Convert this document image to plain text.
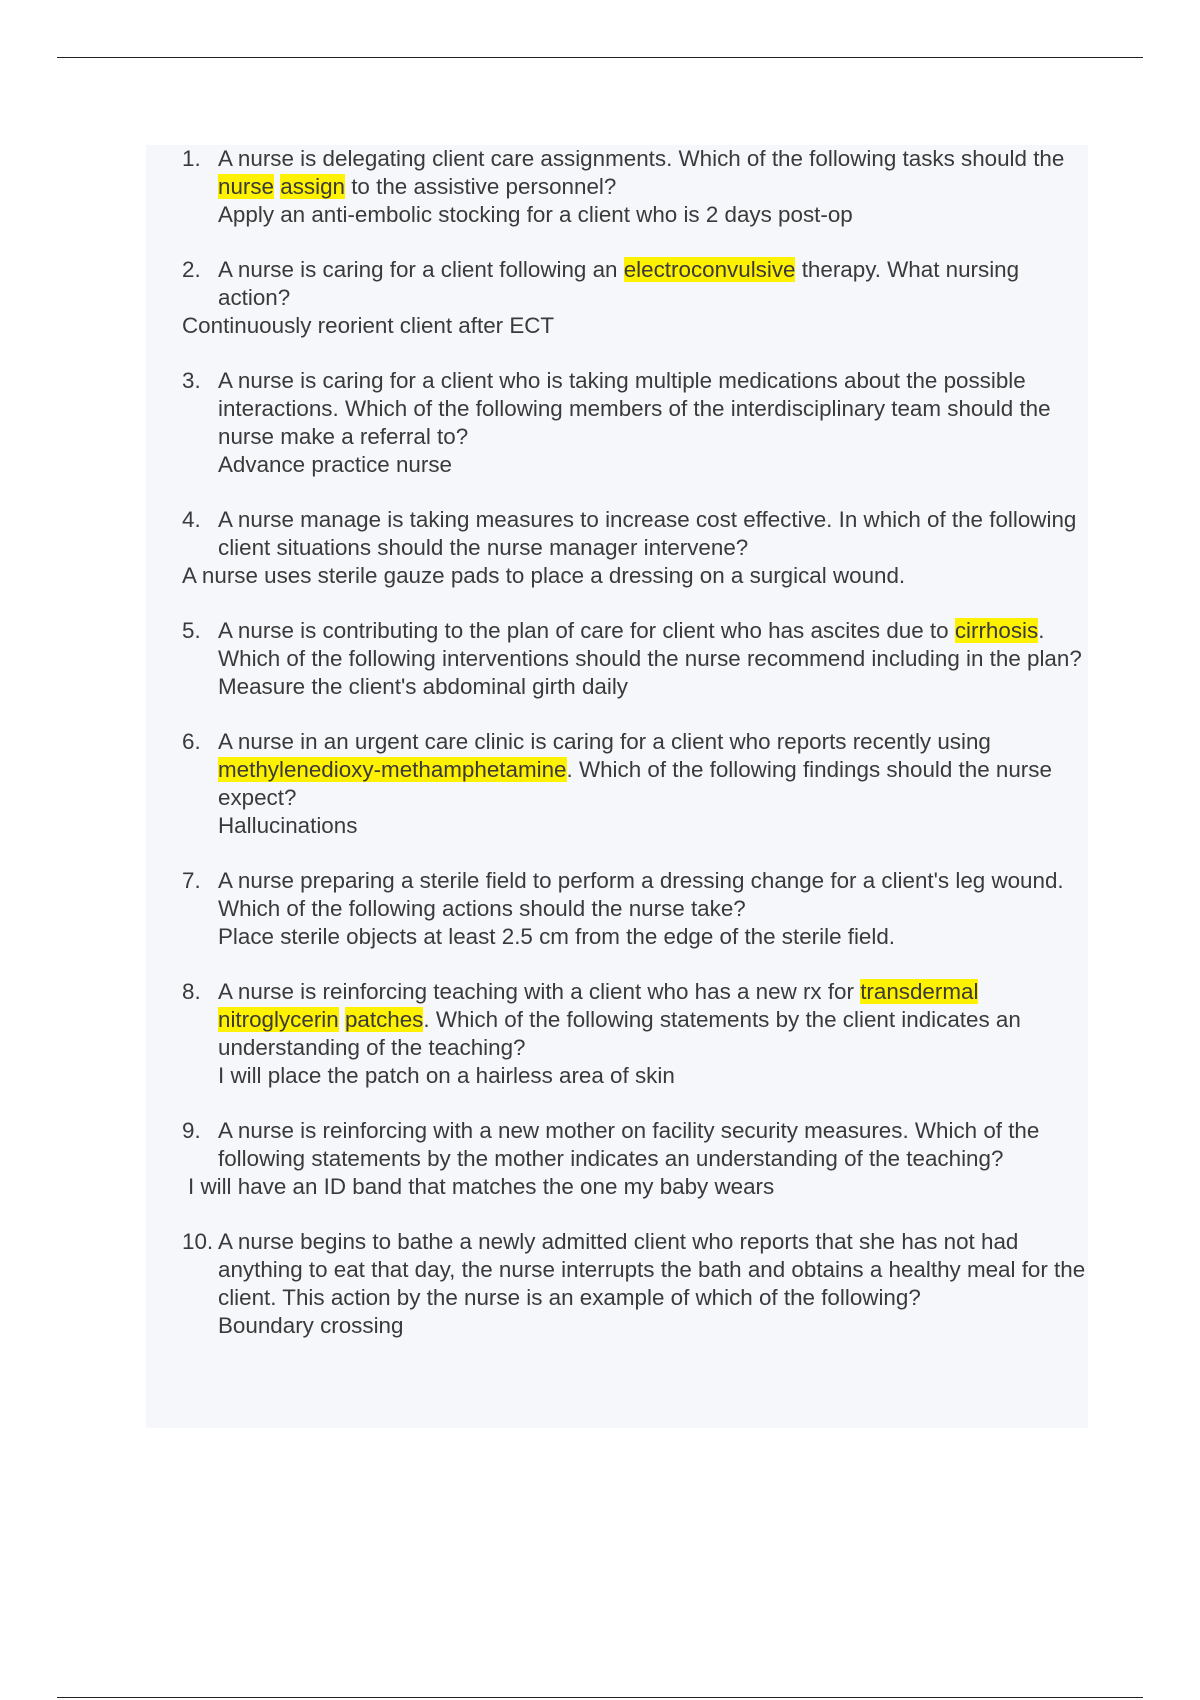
1. A nurse is delegating client care assignments. Which of the following tasks should the nurse assign to the assistive personnel?
Apply an anti-embolic stocking for a client who is 2 days post-op
2. A nurse is caring for a client following an electroconvulsive therapy. What nursing action?
Continuously reorient client after ECT
3. A nurse is caring for a client who is taking multiple medications about the possible interactions. Which of the following members of the interdisciplinary team should the nurse make a referral to?
Advance practice nurse
4. A nurse manage is taking measures to increase cost effective. In which of the following client situations should the nurse manager intervene?
A nurse uses sterile gauze pads to place a dressing on a surgical wound.
5. A nurse is contributing to the plan of care for client who has ascites due to cirrhosis. Which of the following interventions should the nurse recommend including in the plan?
Measure the client's abdominal girth daily
6. A nurse in an urgent care clinic is caring for a client who reports recently using methylenedioxy-methamphetamine. Which of the following findings should the nurse expect?
Hallucinations
7. A nurse preparing a sterile field to perform a dressing change for a client's leg wound. Which of the following actions should the nurse take?
Place sterile objects at least 2.5 cm from the edge of the sterile field.
8. A nurse is reinforcing teaching with a client who has a new rx for transdermal nitroglycerin patches. Which of the following statements by the client indicates an understanding of the teaching?
I will place the patch on a hairless area of skin
9. A nurse is reinforcing with a new mother on facility security measures. Which of the following statements by the mother indicates an understanding of the teaching?
I will have an ID band that matches the one my baby wears
10. A nurse begins to bathe a newly admitted client who reports that she has not had anything to eat that day, the nurse interrupts the bath and obtains a healthy meal for the client. This action by the nurse is an example of which of the following?
Boundary crossing
